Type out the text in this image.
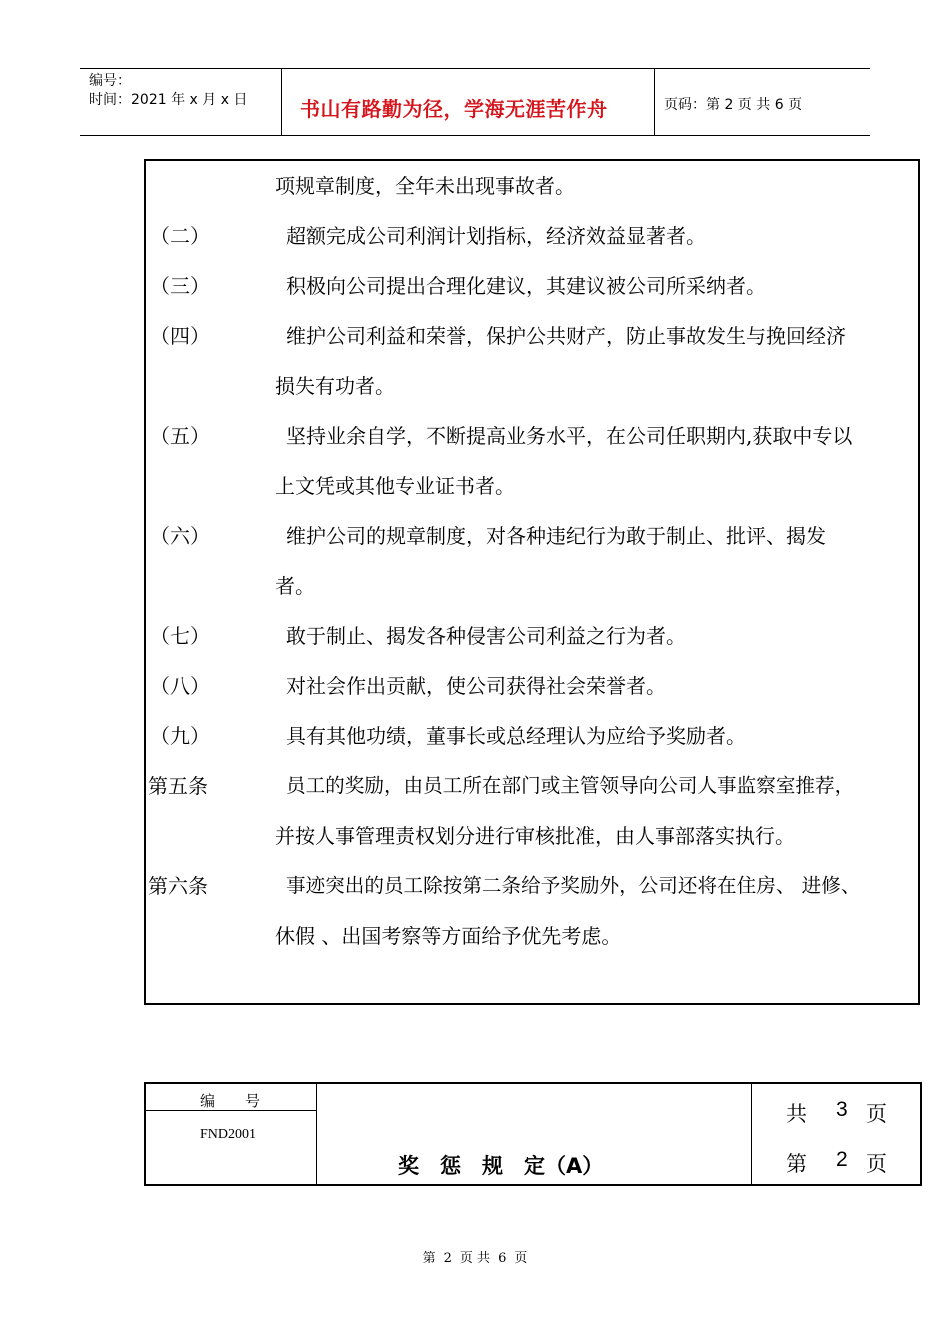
编号：
时间：2021 年 x 月 x 日	书山有路勤为径，学海无涯苦作舟	页码：第 2 页 共 6 页
项规章制度，全年未出现事故者。
（二）	超额完成公司利润计划指标，经济效益显著者。
（三）	积极向公司提出合理化建议，其建议被公司所采纳者。
（四）	维护公司利益和荣誉，保护公共财产，防止事故发生与挽回经济
损失有功者。
（五）	坚持业余自学，不断提高业务水平，在公司任职期内,获取中专以
上文凭或其他专业证书者。
（六）	维护公司的规章制度，对各种违纪行为敢于制止、批评、揭发
者。
（七）	敢于制止、揭发各种侵害公司利益之行为者。
（八）	对社会作出贡献，使公司获得社会荣誉者。
（九）	具有其他功绩，董事长或总经理认为应给予奖励者。
第五条	员工的奖励，由员工所在部门或主管领导向公司人事监察室推荐，
并按人事管理责权划分进行审核批准，由人事部落实执行。
第六条	事迹突出的员工除按第二条给予奖励外，公司还将在住房、 进修、
休假 、出国考察等方面给予优先考虑。
编　　号
FND2001
奖　惩　规　定（A）
共 3 页
第 2 页
第 2 页 共 6 页
